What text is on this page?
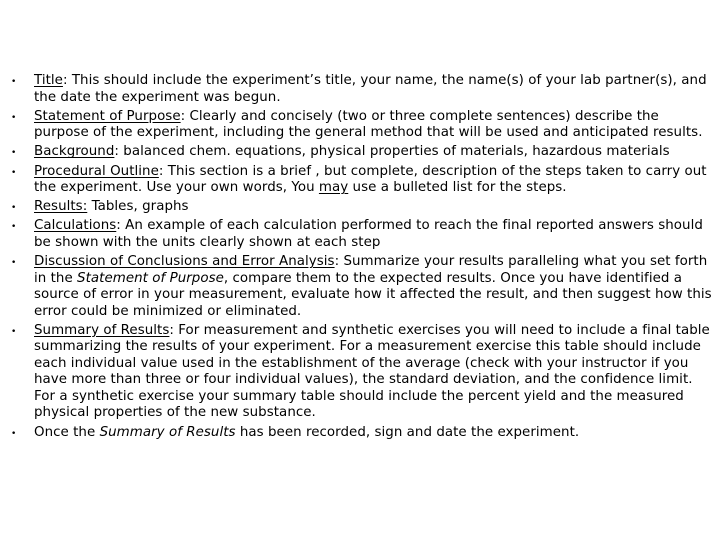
• Title: This should include the experiment’s title, your name, the name(s) of your lab partner(s), and the date the experiment was begun.
• Statement of Purpose: Clearly and concisely (two or three complete sentences) describe the purpose of the experiment, including the general method that will be used and anticipated results.
• Background: balanced chem. equations, physical properties of materials, hazardous materials
• Procedural Outline: This section is a brief , but complete, description of the steps taken to carry out the experiment. Use your own words, You may use a bulleted list for the steps.
• Results: Tables, graphs
• Calculations: An example of each calculation performed to reach the final reported answers should be shown with the units clearly shown at each step
• Discussion of Conclusions and Error Analysis: Summarize your results paralleling what you set forth in the Statement of Purpose, compare them to the expected results. Once you have identified a source of error in your measurement, evaluate how it affected the result, and then suggest how this error could be minimized or eliminated.
• Summary of Results: For measurement and synthetic exercises you will need to include a final table summarizing the results of your experiment. For a measurement exercise this table should include each individual value used in the establishment of the average (check with your instructor if you have more than three or four individual values), the standard deviation, and the confidence limit. For a synthetic exercise your summary table should include the percent yield and the measured physical properties of the new substance.
• Once the Summary of Results has been recorded, sign and date the experiment.
